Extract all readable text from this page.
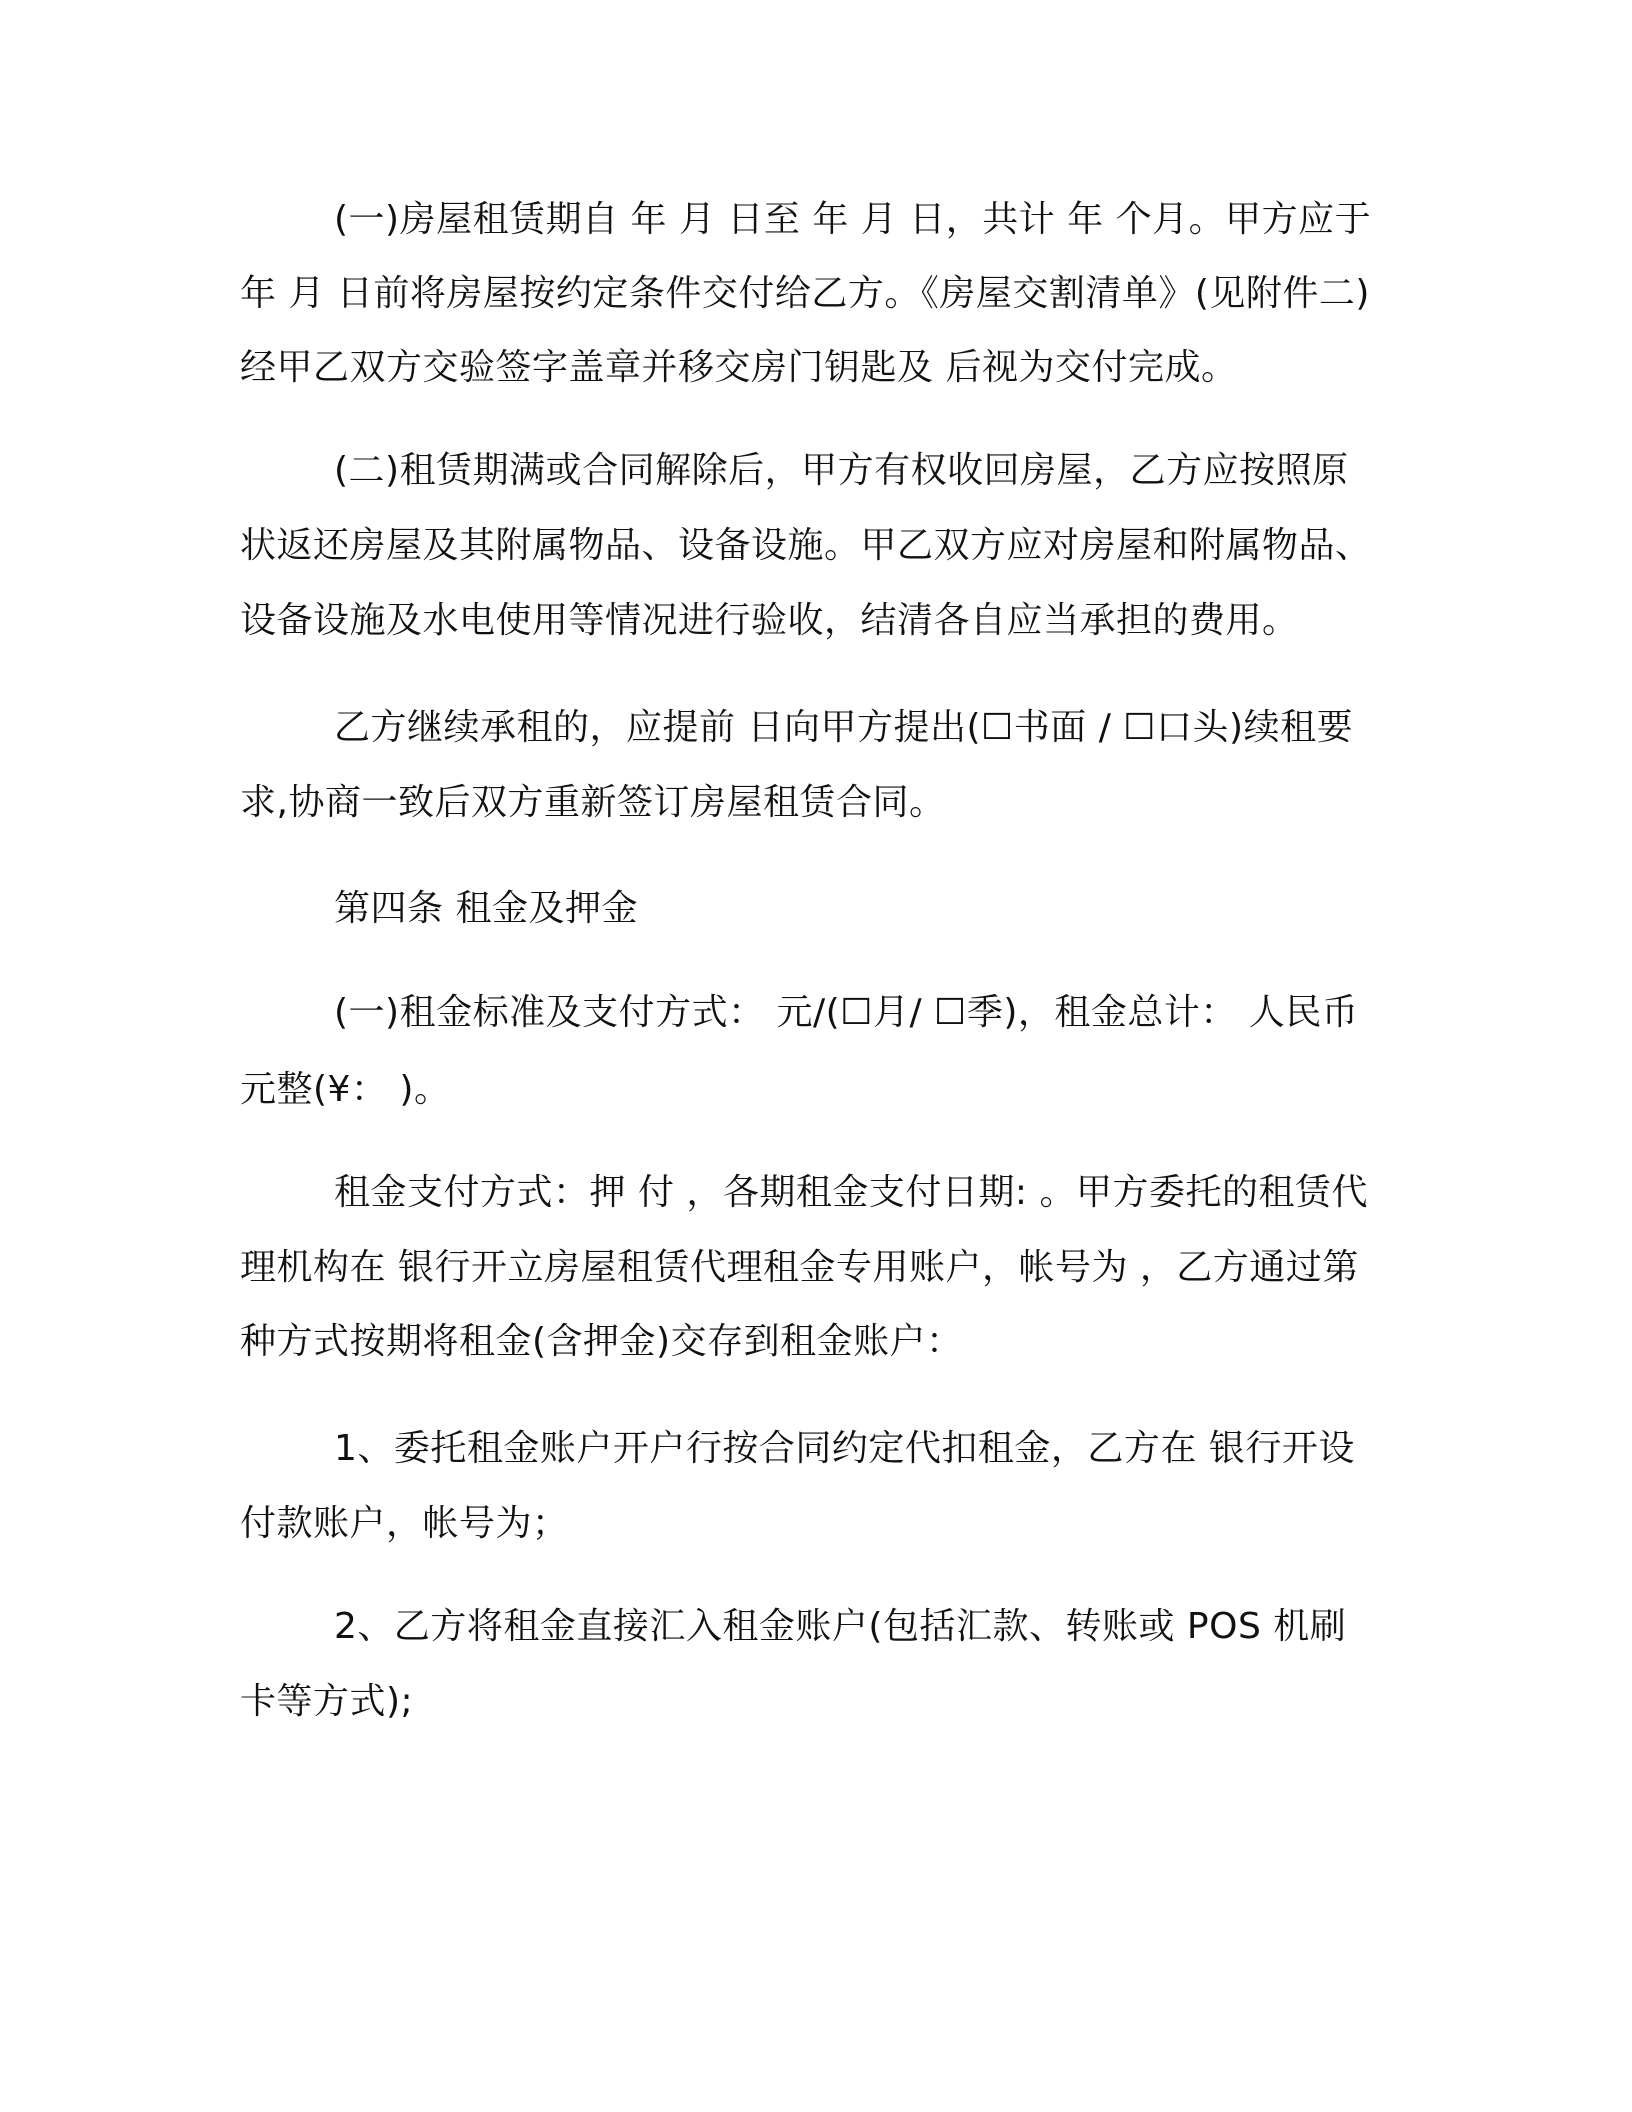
(一)房屋租赁期自 年 月 日至 年 月 日，共计 年 个月。甲方应于

年 月 日前将房屋按约定条件交付给乙方。《房屋交割清单》(见附件二)

经甲乙双方交验签字盖章并移交房门钥匙及 后视为交付完成。

(二)租赁期满或合同解除后，甲方有权收回房屋，乙方应按照原

状返还房屋及其附属物品、设备设施。甲乙双方应对房屋和附属物品、

设备设施及水电使用等情况进行验收，结清各自应当承担的费用。

乙方继续承租的，应提前 日向甲方提出(☐书面 / ☐口头)续租要

求,协商一致后双方重新签订房屋租赁合同。

第四条 租金及押金

(一)租金标准及支付方式： 元/(☐月/ ☐季)，租金总计： 人民币

元整(¥： )。

租金支付方式：押 付 ，各期租金支付日期: 。甲方委托的租赁代

理机构在 银行开立房屋租赁代理租金专用账户，帐号为 ，乙方通过第

种方式按期将租金(含押金)交存到租金账户：

1、委托租金账户开户行按合同约定代扣租金，乙方在 银行开设

付款账户，帐号为；

2、乙方将租金直接汇入租金账户(包括汇款、转账或 POS 机刷

卡等方式);
